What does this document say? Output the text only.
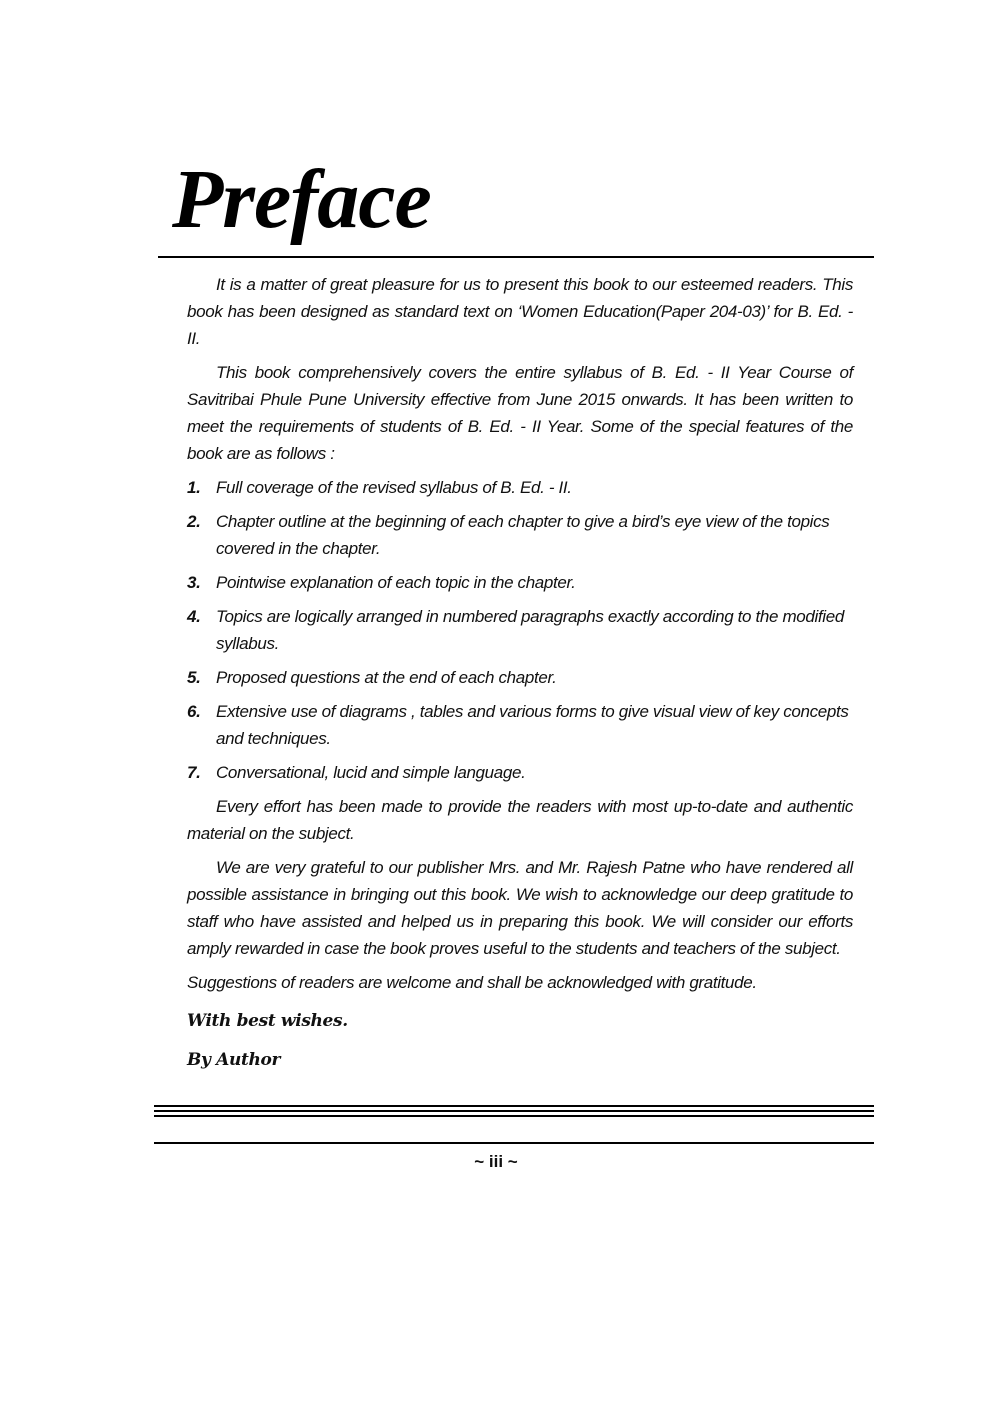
Preface

It is a matter of great pleasure for us to present this book to our esteemed readers. This book has been designed as standard text on ‘Women Education(Paper 204-03)’ for B. Ed. - II.

This book comprehensively covers the entire syllabus of B. Ed. - II Year Course of Savitribai Phule Pune University effective from June 2015 onwards. It has been written to meet the requirements of students of B. Ed. - II Year. Some of the special features of the book are as follows :

1. Full coverage of the revised syllabus of B. Ed. - II.
2. Chapter outline at the beginning of each chapter to give a bird’s eye view of the topics covered in the chapter.
3. Pointwise explanation of each topic in the chapter.
4. Topics are logically arranged in numbered paragraphs exactly according to the modified syllabus.
5. Proposed questions at the end of each chapter.
6. Extensive use of diagrams , tables and various forms to give visual view of key concepts and techniques.
7. Conversational, lucid and simple language.

Every effort has been made to provide the readers with most up-to-date and authentic material on the subject.

We are very grateful to our publisher Mrs. and Mr. Rajesh Patne who have rendered all possible assistance in bringing out this book. We wish to acknowledge our deep gratitude to staff who have assisted and helped us in preparing this book. We will consider our efforts amply rewarded in case the book proves useful to the students and teachers of the subject.

Suggestions of readers are welcome and shall be acknowledged with gratitude.

With best wishes.
By Author
~ iii ~
